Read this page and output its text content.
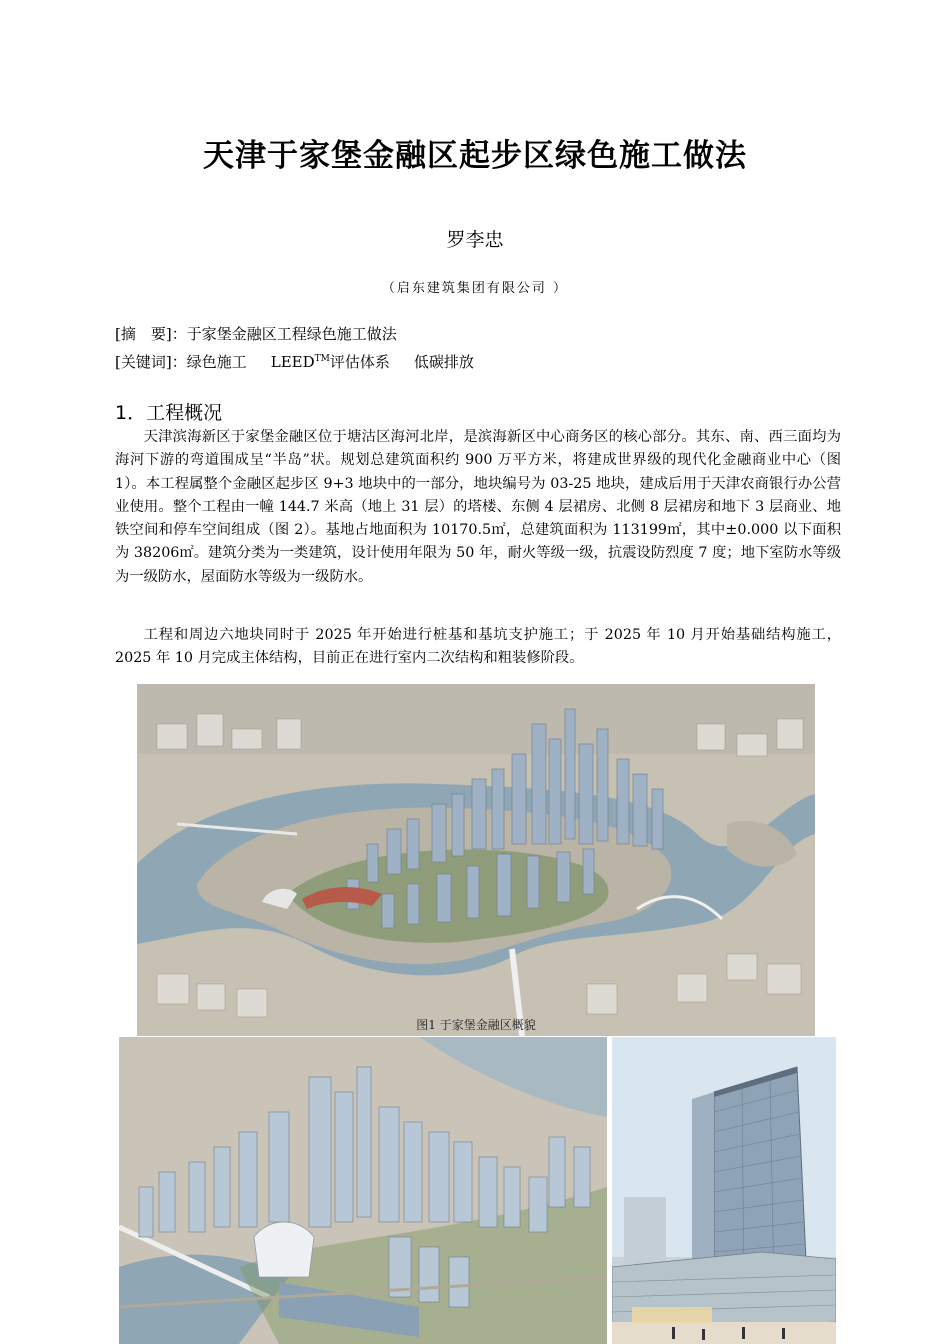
天津于家堡金融区起步区绿色施工做法
罗李忠
（启东建筑集团有限公司 ）
[摘　要]：于家堡金融区工程绿色施工做法
[关键词]：绿色施工 LEED™评估体系 低碳排放
1．工程概况

天津滨海新区于家堡金融区位于塘沽区海河北岸，是滨海新区中心商务区的核心部分。其东、南、西三面均为海河下游的弯道围成呈“半岛”状。规划总建筑面积约 900 万平方米，将建成世界级的现代化金融商业中心（图 1）。本工程属整个金融区起步区 9+3 地块中的一部分，地块编号为 03-25 地块，建成后用于天津农商银行办公营业使用。整个工程由一幢 144.7 米高（地上 31 层）的塔楼、东侧 4 层裙房、北侧 8 层裙房和地下 3 层商业、地铁空间和停车空间组成（图 2）。基地占地面积为 10170.5㎡，总建筑面积为 113199㎡，其中±0.000 以下面积为 38206㎡。建筑分类为一类建筑，设计使用年限为 50 年，耐火等级一级，抗震设防烈度 7 度；地下室防水等级为一级防水，屋面防水等级为一级防水。

工程和周边六地块同时于 2025 年开始进行桩基和基坑支护施工；于 2025 年 10 月开始基础结构施工，2025 年 10 月完成主体结构，目前正在进行室内二次结构和粗装修阶段。

图1 于家堡金融区概貌
